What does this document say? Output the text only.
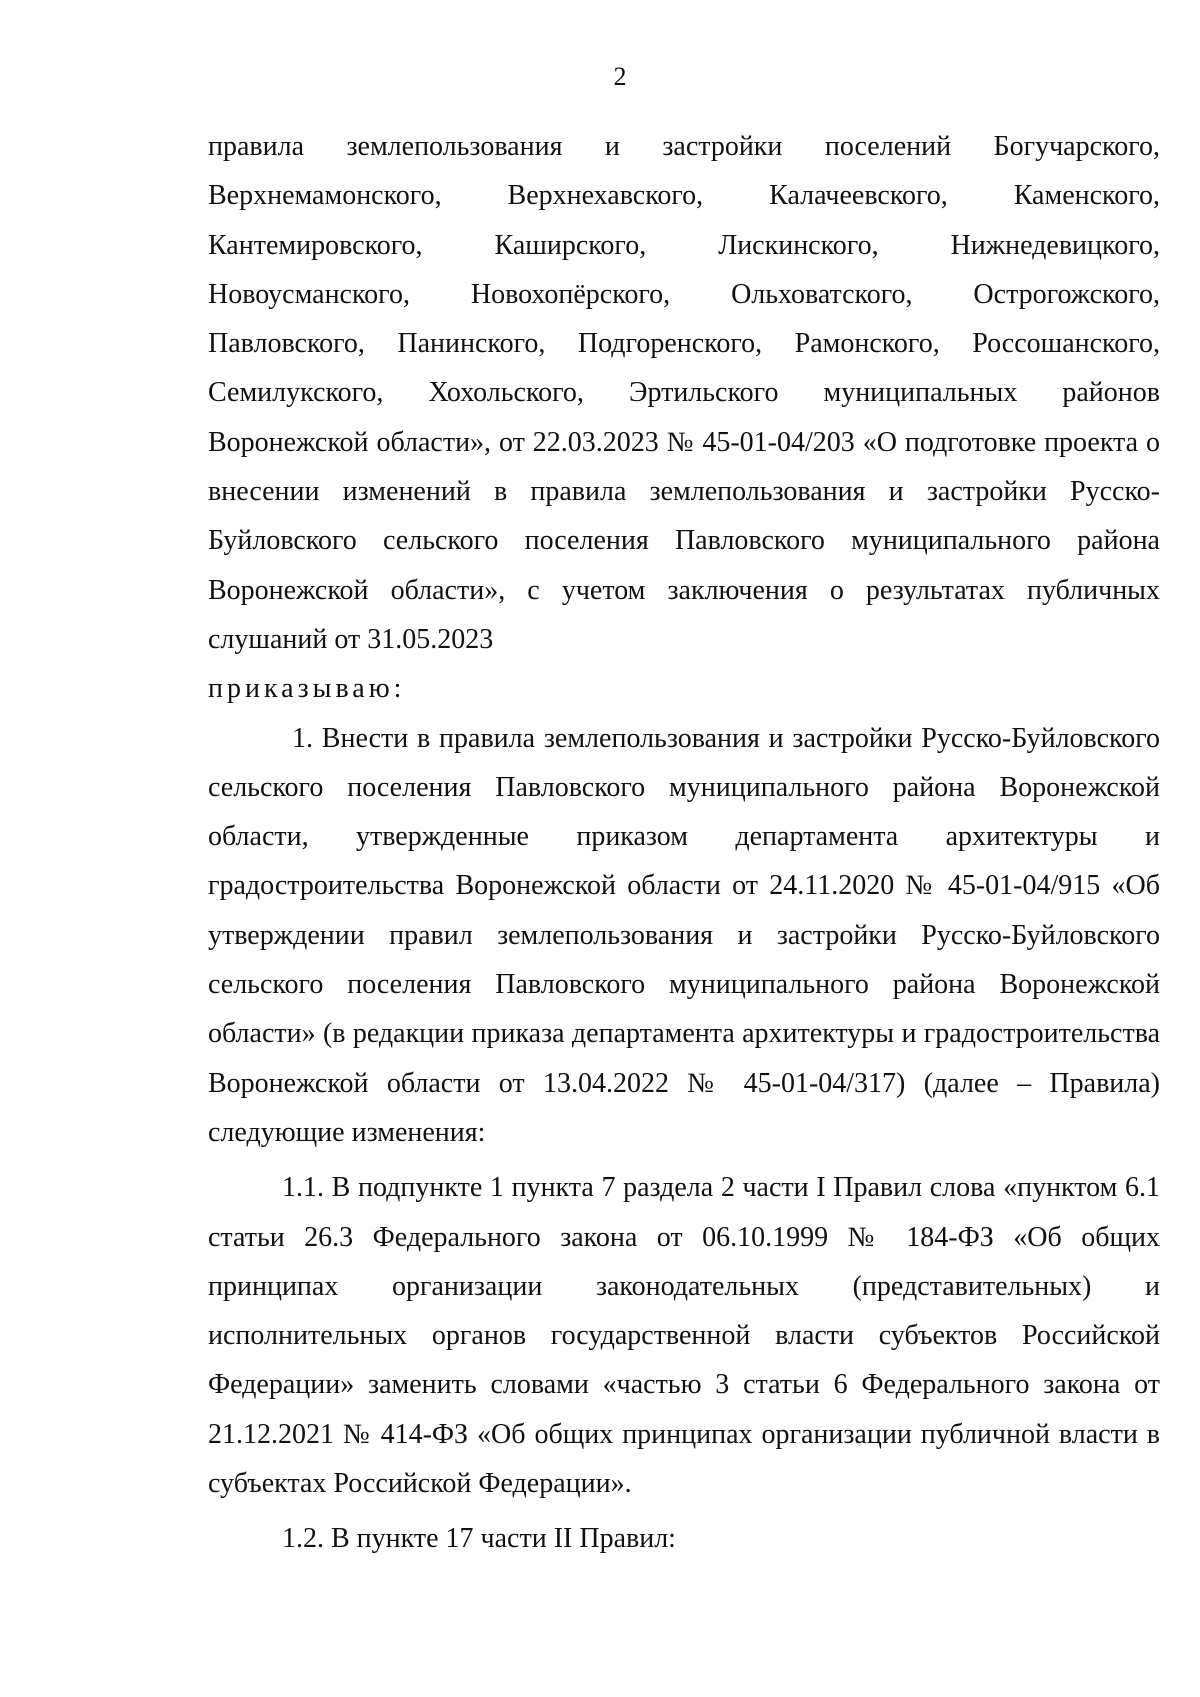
2

правила землепользования и застройки поселений Богучарского, Верхнемамонского, Верхнехавского, Калачеевского, Каменского, Кантемировского, Каширского, Лискинского, Нижнедевицкого, Новоусманского, Новохопёрского, Ольховатского, Острогожского, Павловского, Панинского, Подгоренского, Рамонского, Россошанского, Семилукского, Хохольского, Эртильского муниципальных районов Воронежской области», от 22.03.2023 № 45-01-04/203 «О подготовке проекта о внесении изменений в правила землепользования и застройки Русско-Буйловского сельского поселения Павловского муниципального района Воронежской области», с учетом заключения о результатах публичных слушаний от 31.05.2023

приказываю:

1. Внести в правила землепользования и застройки Русско-Буйловского сельского поселения Павловского муниципального района Воронежской области, утвержденные приказом департамента архитектуры и градостроительства Воронежской области от 24.11.2020 № 45-01-04/915 «Об утверждении правил землепользования и застройки Русско-Буйловского сельского поселения Павловского муниципального района Воронежской области» (в редакции приказа департамента архитектуры и градостроительства Воронежской области от 13.04.2022 № 45-01-04/317) (далее – Правила) следующие изменения:

1.1. В подпункте 1 пункта 7 раздела 2 части I Правил слова «пунктом 6.1 статьи 26.3 Федерального закона от 06.10.1999 № 184-ФЗ «Об общих принципах организации законодательных (представительных) и исполнительных органов государственной власти субъектов Российской Федерации» заменить словами «частью 3 статьи 6 Федерального закона от 21.12.2021 № 414-ФЗ «Об общих принципах организации публичной власти в субъектах Российской Федерации».

1.2. В пункте 17 части II Правил:
